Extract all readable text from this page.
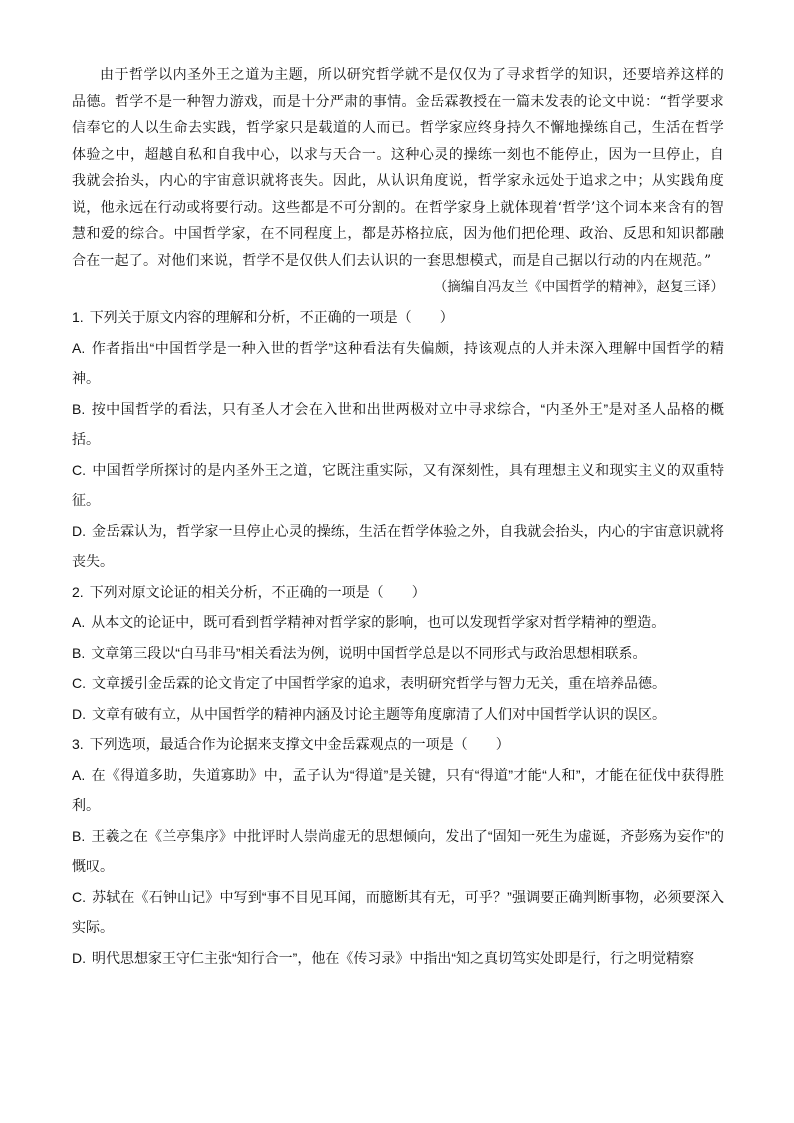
由于哲学以内圣外王之道为主题，所以研究哲学就不是仅仅为了寻求哲学的知识，还要培养这样的品德。哲学不是一种智力游戏，而是十分严肃的事情。金岳霖教授在一篇未发表的论文中说：“哲学要求信奉它的人以生命去实践，哲学家只是载道的人而已。哲学家应终身持久不懈地操练自己，生活在哲学体验之中，超越自私和自我中心，以求与天合一。这种心灵的操练一刻也不能停止，因为一旦停止，自我就会抬头，内心的宇宙意识就将丧失。因此，从认识角度说，哲学家永远处于追求之中；从实践角度说，他永远在行动或将要行动。这些都是不可分割的。在哲学家身上就体现着‘哲学’这个词本来含有的智慧和爱的综合。中国哲学家，在不同程度上，都是苏格拉底，因为他们把伦理、政治、反思和知识都融合在一起了。对他们来说，哲学不是仅供人们去认识的一套思想模式，而是自己据以行动的内在规范。”

（摘编自冯友兰《中国哲学的精神》，赵复三译）

1. 下列关于原文内容的理解和分析，不正确的一项是（ ）

A. 作者指出“中国哲学是一种入世的哲学”这种看法有失偏颇，持该观点的人并未深入理解中国哲学的精神。

B. 按中国哲学的看法，只有圣人才会在入世和出世两极对立中寻求综合，“内圣外王”是对圣人品格的概括。

C. 中国哲学所探讨的是内圣外王之道，它既注重实际，又有深刻性，具有理想主义和现实主义的双重特征。

D. 金岳霖认为，哲学家一旦停止心灵的操练，生活在哲学体验之外，自我就会抬头，内心的宇宙意识就将丧失。

2. 下列对原文论证的相关分析，不正确的一项是（ ）

A. 从本文的论证中，既可看到哲学精神对哲学家的影响，也可以发现哲学家对哲学精神的塑造。

B. 文章第三段以“白马非马”相关看法为例，说明中国哲学总是以不同形式与政治思想相联系。

C. 文章援引金岳霖的论文肯定了中国哲学家的追求，表明研究哲学与智力无关，重在培养品德。

D. 文章有破有立，从中国哲学的精神内涵及讨论主题等角度廓清了人们对中国哲学认识的误区。

3. 下列选项，最适合作为论据来支撑文中金岳霖观点的一项是（ ）

A. 在《得道多助，失道寡助》中，孟子认为“得道”是关键，只有“得道”才能“人和”，才能在征伐中获得胜利。

B. 王羲之在《兰亭集序》中批评时人崇尚虚无的思想倾向，发出了“固知一死生为虚诞，齐彭殇为妄作”的慨叹。

C. 苏轼在《石钟山记》中写到“事不目见耳闻，而臆断其有无，可乎？”强调要正确判断事物，必须要深入实际。

D. 明代思想家王守仁主张“知行合一”，他在《传习录》中指出“知之真切笃实处即是行，行之明觉精察
